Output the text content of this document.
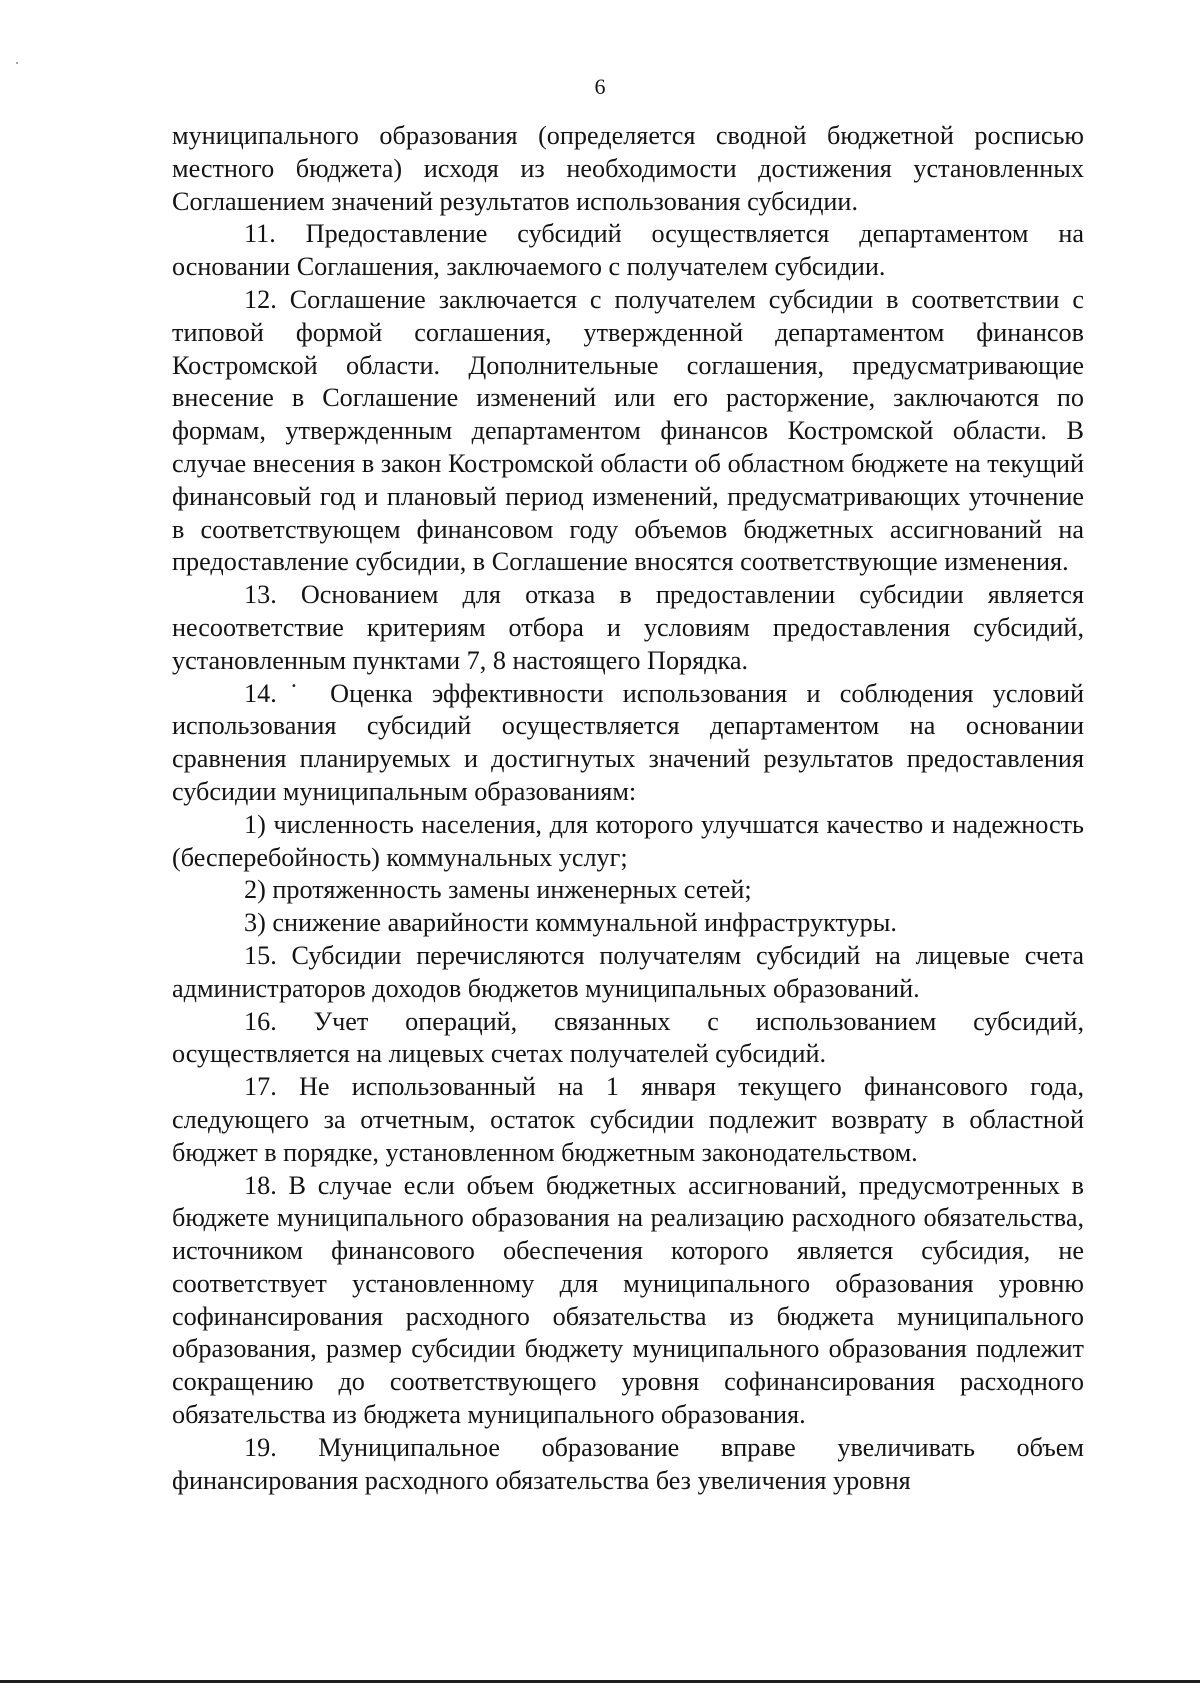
6

муниципального образования (определяется сводной бюджетной росписью местного бюджета) исходя из необходимости достижения установленных Соглашением значений результатов использования субсидии.

11. Предоставление субсидий осуществляется департаментом на основании Соглашения, заключаемого с получателем субсидии.

12. Соглашение заключается с получателем субсидии в соответствии с типовой формой соглашения, утвержденной департаментом финансов Костромской области. Дополнительные соглашения, предусматривающие внесение в Соглашение изменений или его расторжение, заключаются по формам, утвержденным департаментом финансов Костромской области. В случае внесения в закон Костромской области об областном бюджете на текущий финансовый год и плановый период изменений, предусматривающих уточнение в соответствующем финансовом году объемов бюджетных ассигнований на предоставление субсидии, в Соглашение вносятся соответствующие изменения.

13. Основанием для отказа в предоставлении субсидии является несоответствие критериям отбора и условиям предоставления субсидий, установленным пунктами 7, 8 настоящего Порядка.

14.˙ Оценка эффективности использования и соблюдения условий использования субсидий осуществляется департаментом на основании сравнения планируемых и достигнутых значений результатов предоставления субсидии муниципальным образованиям:

1) численность населения, для которого улучшатся качество и надежность (бесперебойность) коммунальных услуг;

2) протяженность замены инженерных сетей;

3) снижение аварийности коммунальной инфраструктуры.

15. Субсидии перечисляются получателям субсидий на лицевые счета администраторов доходов бюджетов муниципальных образований.

16. Учет операций, связанных с использованием субсидий, осуществляется на лицевых счетах получателей субсидий.

17. Не использованный на 1 января текущего финансового года, следующего за отчетным, остаток субсидии подлежит возврату в областной бюджет в порядке, установленном бюджетным законодательством.

18. В случае если объем бюджетных ассигнований, предусмотренных в бюджете муниципального образования на реализацию расходного обязательства, источником финансового обеспечения которого является субсидия, не соответствует установленному для муниципального образования уровню софинансирования расходного обязательства из бюджета муниципального образования, размер субсидии бюджету муниципального образования подлежит сокращению до соответствующего уровня софинансирования расходного обязательства из бюджета муниципального образования.

19. Муниципальное образование вправе увеличивать объем финансирования расходного обязательства без увеличения уровня
